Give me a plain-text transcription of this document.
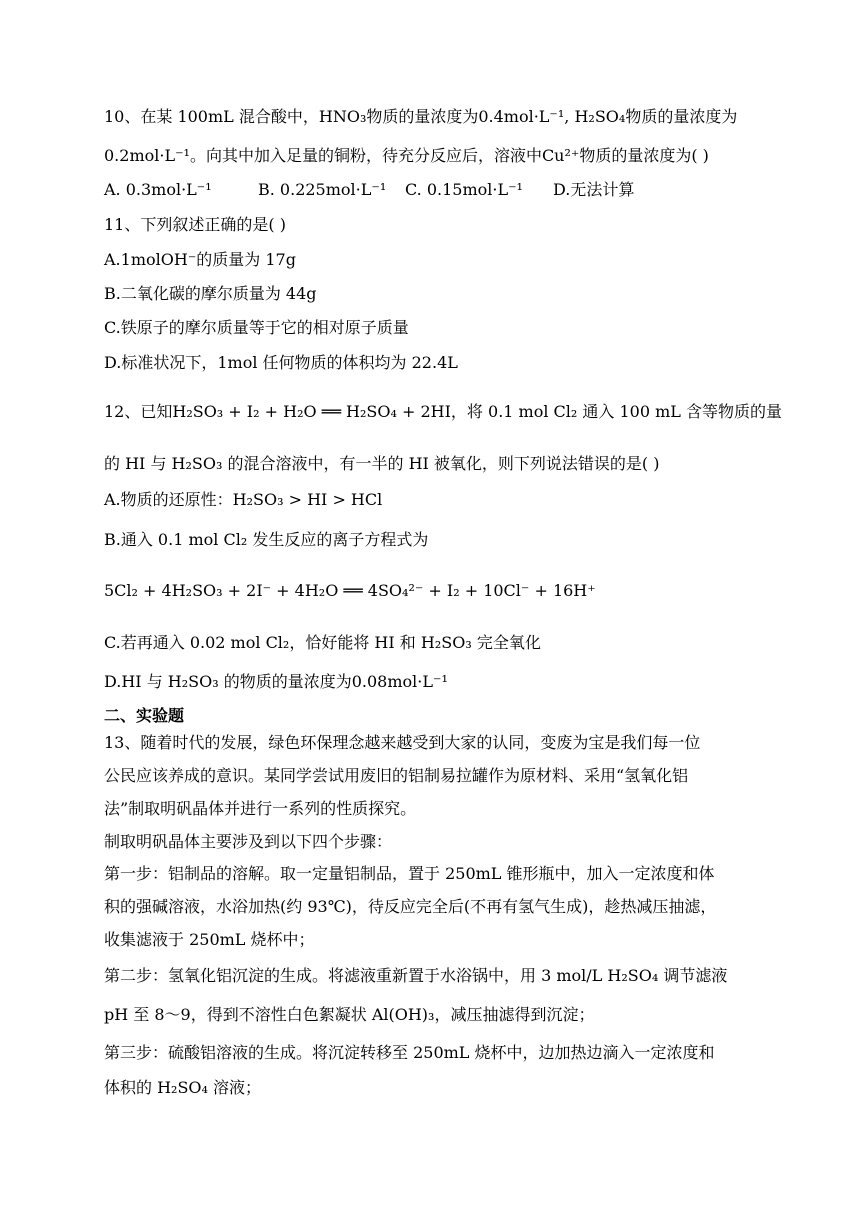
10、在某 100mL 混合酸中，HNO₃物质的量浓度为0.4mol·L⁻¹, H₂SO₄物质的量浓度为
0.2mol·L⁻¹。向其中加入足量的铜粉，待充分反应后，溶液中Cu²⁺物质的量浓度为( )
A. 0.3mol·L⁻¹	B. 0.225mol·L⁻¹ C. 0.15mol·L⁻¹ D.无法计算
11、下列叙述正确的是( )
A.1molOH⁻的质量为 17g
B.二氧化碳的摩尔质量为 44g
C.铁原子的摩尔质量等于它的相对原子质量
D.标准状况下，1mol 任何物质的体积均为 22.4L
12、已知H₂SO₃ + I₂ + H₂O ══ H₂SO₄ + 2HI，将 0.1 mol Cl₂ 通入 100 mL 含等物质的量
的 HI 与 H₂SO₃ 的混合溶液中，有一半的 HI 被氧化，则下列说法错误的是( )
A.物质的还原性：H₂SO₃ > HI > HCl
B.通入 0.1 mol Cl₂ 发生反应的离子方程式为
5Cl₂ + 4H₂SO₃ + 2I⁻ + 4H₂O ══ 4SO₄²⁻ + I₂ + 10Cl⁻ + 16H⁺
C.若再通入 0.02 mol Cl₂，恰好能将 HI 和 H₂SO₃ 完全氧化
D.HI 与 H₂SO₃ 的物质的量浓度为0.08mol·L⁻¹
二、实验题
13、随着时代的发展，绿色环保理念越来越受到大家的认同，变废为宝是我们每一位
公民应该养成的意识。某同学尝试用废旧的铝制易拉罐作为原材料、采用“氢氧化铝
法”制取明矾晶体并进行一系列的性质探究。
制取明矾晶体主要涉及到以下四个步骤：
第一步：铝制品的溶解。取一定量铝制品，置于 250mL 锥形瓶中，加入一定浓度和体
积的强碱溶液，水浴加热(约 93℃)，待反应完全后(不再有氢气生成)，趁热减压抽滤，
收集滤液于 250mL 烧杯中；
第二步：氢氧化铝沉淀的生成。将滤液重新置于水浴锅中，用 3 mol/L H₂SO₄ 调节滤液
pH 至 8～9，得到不溶性白色絮凝状 Al(OH)₃，减压抽滤得到沉淀；
第三步：硫酸铝溶液的生成。将沉淀转移至 250mL 烧杯中，边加热边滴入一定浓度和
体积的 H₂SO₄ 溶液；
